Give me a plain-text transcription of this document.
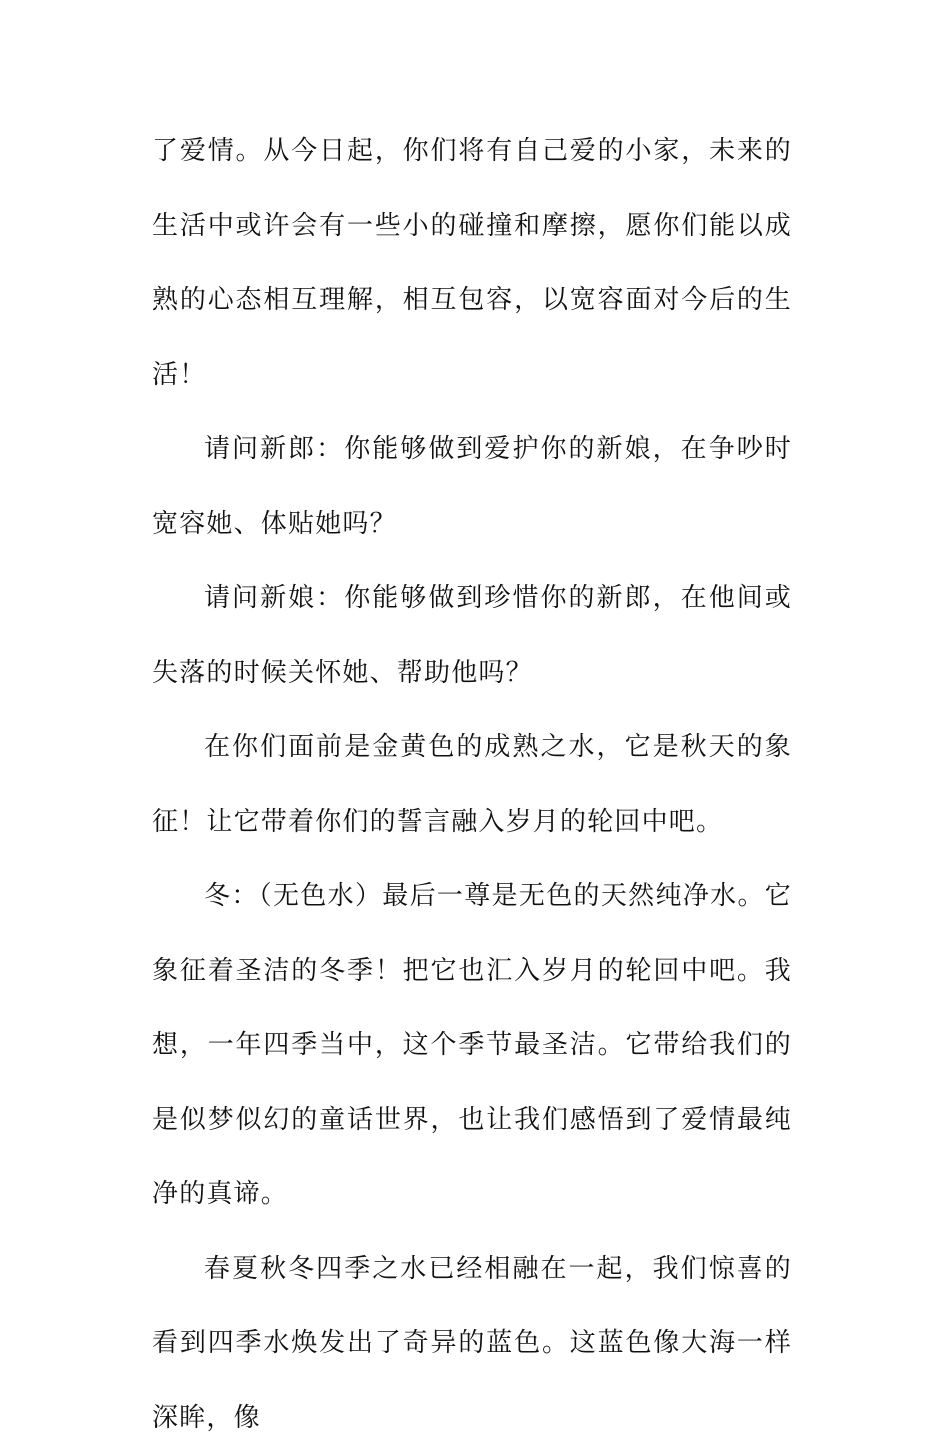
了爱情。从今日起，你们将有自己爱的小家，未来的生活中或许会有一些小的碰撞和摩擦，愿你们能以成熟的心态相互理解，相互包容，以宽容面对今后的生活！

请问新郎：你能够做到爱护你的新娘，在争吵时宽容她、体贴她吗？

请问新娘：你能够做到珍惜你的新郎，在他间或失落的时候关怀她、帮助他吗？

在你们面前是金黄色的成熟之水，它是秋天的象征！让它带着你们的誓言融入岁月的轮回中吧。

冬：（无色水）最后一尊是无色的天然纯净水。它象征着圣洁的冬季！把它也汇入岁月的轮回中吧。我想，一年四季当中，这个季节最圣洁。它带给我们的是似梦似幻的童话世界，也让我们感悟到了爱情最纯净的真谛。

春夏秋冬四季之水已经相融在一起，我们惊喜的看到四季水焕发出了奇异的蓝色。这蓝色像大海一样深眸，像
